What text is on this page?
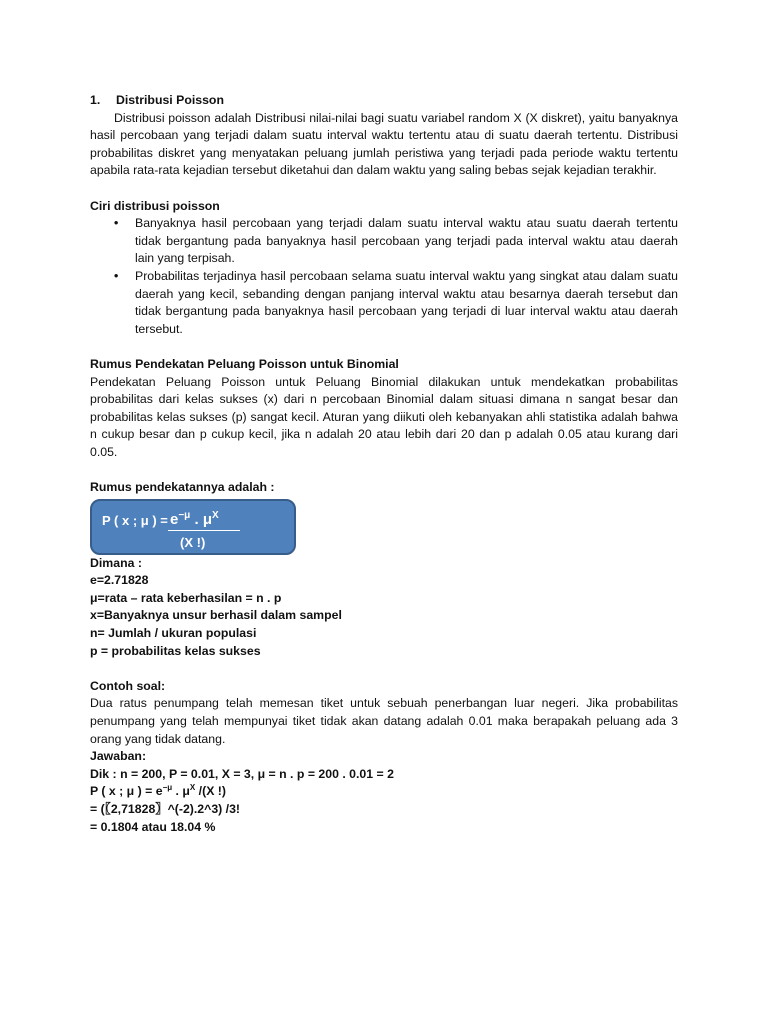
1. Distribusi Poisson

Distribusi poisson adalah Distribusi nilai-nilai bagi suatu variabel random X (X diskret), yaitu banyaknya hasil percobaan yang terjadi dalam suatu interval waktu tertentu atau di suatu daerah tertentu. Distribusi probabilitas diskret yang menyatakan peluang jumlah peristiwa yang terjadi pada periode waktu tertentu apabila rata-rata kejadian tersebut diketahui dan dalam waktu yang saling bebas sejak kejadian terakhir.

Ciri distribusi poisson
• Banyaknya hasil percobaan yang terjadi dalam suatu interval waktu atau suatu daerah tertentu tidak bergantung pada banyaknya hasil percobaan yang terjadi pada interval waktu atau daerah lain yang terpisah.
• Probabilitas terjadinya hasil percobaan selama suatu interval waktu yang singkat atau dalam suatu daerah yang kecil, sebanding dengan panjang interval waktu atau besarnya daerah tersebut dan tidak bergantung pada banyaknya hasil percobaan yang terjadi di luar interval waktu atau daerah tersebut.
Rumus Pendekatan Peluang Poisson untuk Binomial

Pendekatan Peluang Poisson untuk Peluang Binomial dilakukan untuk mendekatkan probabilitas probabilitas dari kelas sukses (x) dari n percobaan Binomial dalam situasi dimana n sangat besar dan probabilitas kelas sukses (p) sangat kecil. Aturan yang diikuti oleh kebanyakan ahli statistika adalah bahwa n cukup besar dan p cukup kecil, jika n adalah 20 atau lebih dari 20 dan p adalah 0.05 atau kurang dari 0.05.

Rumus pendekatannya adalah :
P ( x ; μ ) = $e^{-\mu}$ . $\mu^X$
(X !)
Dimana :
e=2.71828
μ=rata – rata keberhasilan = n . p
x=Banyaknya unsur berhasil dalam sampel
n= Jumlah / ukuran populasi
p = probabilitas kelas sukses
Contoh soal:

Dua ratus penumpang telah memesan tiket untuk sebuah penerbangan luar negeri. Jika probabilitas penumpang yang telah mempunyai tiket tidak akan datang adalah 0.01 maka berapakah peluang ada 3 orang yang tidak datang.

Jawaban:
Dik : n = 200, P = 0.01, X = 3, μ = n . p = 200 . 0.01 = 2
P ( x ; μ ) = $e^{-\mu}$ . $\mu^X$ /(X !)
= (〖2,71828〗^(-2).2^3) /3!
= 0.1804 atau 18.04 %
